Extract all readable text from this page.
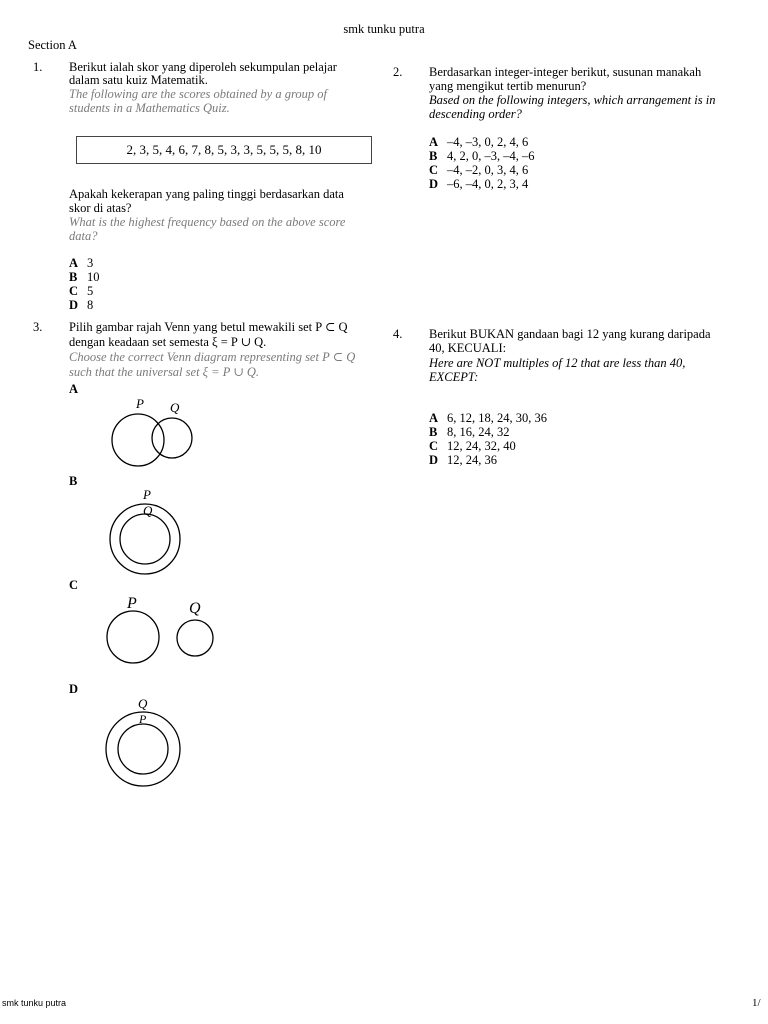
smk tunku putra
Section A
1. Berikut ialah skor yang diperoleh sekumpulan pelajar
dalam satu kuiz Matematik.
The following are the scores obtained by a group of
students in a Mathematics Quiz.
2, 3, 5, 4, 6, 7, 8, 5, 3, 3, 5, 5, 5, 8, 10
Apakah kekerapan yang paling tinggi berdasarkan data
skor di atas?
What is the highest frequency based on the above score
data?
A 3
B 10
C 5
D 8
2. Berdasarkan integer-integer berikut, susunan manakah
yang mengikut tertib menurun?
Based on the following integers, which arrangement is in
descending order?
A –4, –3, 0, 2, 4, 6
B 4, 2, 0, –3, –4, –6
C –4, –2, 0, 3, 4, 6
D –6, –4, 0, 2, 3, 4
3. Pilih gambar rajah Venn yang betul mewakili set P ⊂ Q
dengan keadaan set semesta ξ = P ∪ Q.
Choose the correct Venn diagram representing set P ⊂ Q
such that the universal set ξ = P ∪ Q.
A
P Q
B
P
Q
C
P	Q
D
Q
P
4. Berikut BUKAN gandaan bagi 12 yang kurang daripada
40, KECUALI:
Here are NOT multiples of 12 that are less than 40,
EXCEPT:
A 6, 12, 18, 24, 30, 36
B 8, 16, 24, 32
C 12, 24, 32, 40
D 12, 24, 36
smk tunku putra	1/
